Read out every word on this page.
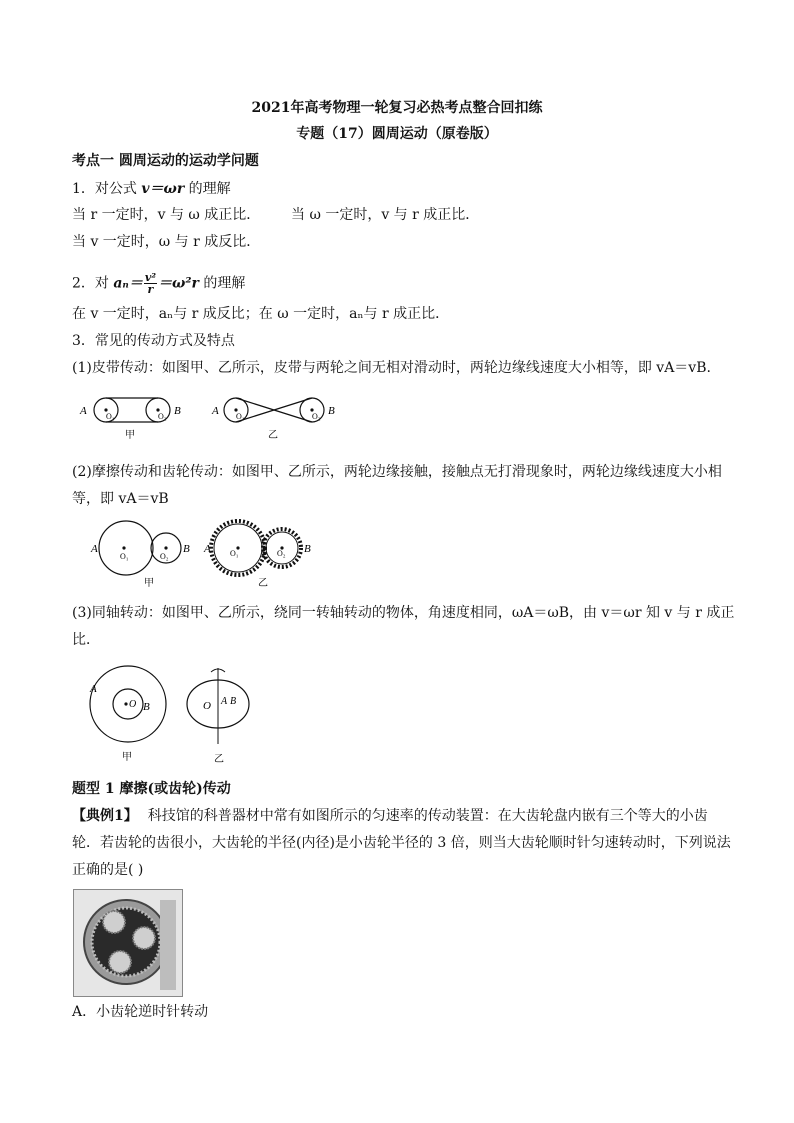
2021年高考物理一轮复习必热考点整合回扣练
专题（17）圆周运动（原卷版）
考点一 圆周运动的运动学问题
1．对公式 v＝ωr 的理解
当 r 一定时，v 与 ω 成正比． 当 ω 一定时，v 与 r 成正比．
当 v 一定时，ω 与 r 成反比．
2．对 $a_n= \frac{\text{v²}}{r} =\omega^2r$ 的理解
在 v 一定时，aₙ与 r 成反比；在 ω 一定时，aₙ与 r 成正比．
3．常见的传动方式及特点
(1)皮带传动：如图甲、乙所示，皮带与两轮之间无相对滑动时，两轮边缘线速度大小相等，即 vA＝vB.
A O₁	O₂ B
甲
A O₁	O₂ B
乙
(2)摩擦传动和齿轮传动：如图甲、乙所示，两轮边缘接触，接触点无打滑现象时，两轮边缘线速度大小相
等，即 vA＝vB
A
O₁	O₂
B
甲
A O₁	O₂ B
乙
(3)同轴转动：如图甲、乙所示，绕同一转轴转动的物体，角速度相同，ωA＝ωB，由 v＝ωr 知 v 与 r 成正
比．
O
A
B
甲
O A B
乙
题型 1 摩擦(或齿轮)传动
【典例1】 科技馆的科普器材中常有如图所示的匀速率的传动装置：在大齿轮盘内嵌有三个等大的小齿
轮．若齿轮的齿很小，大齿轮的半径(内径)是小齿轮半径的 3 倍，则当大齿轮顺时针匀速转动时，下列说法
正确的是( )
A．小齿轮逆时针转动
